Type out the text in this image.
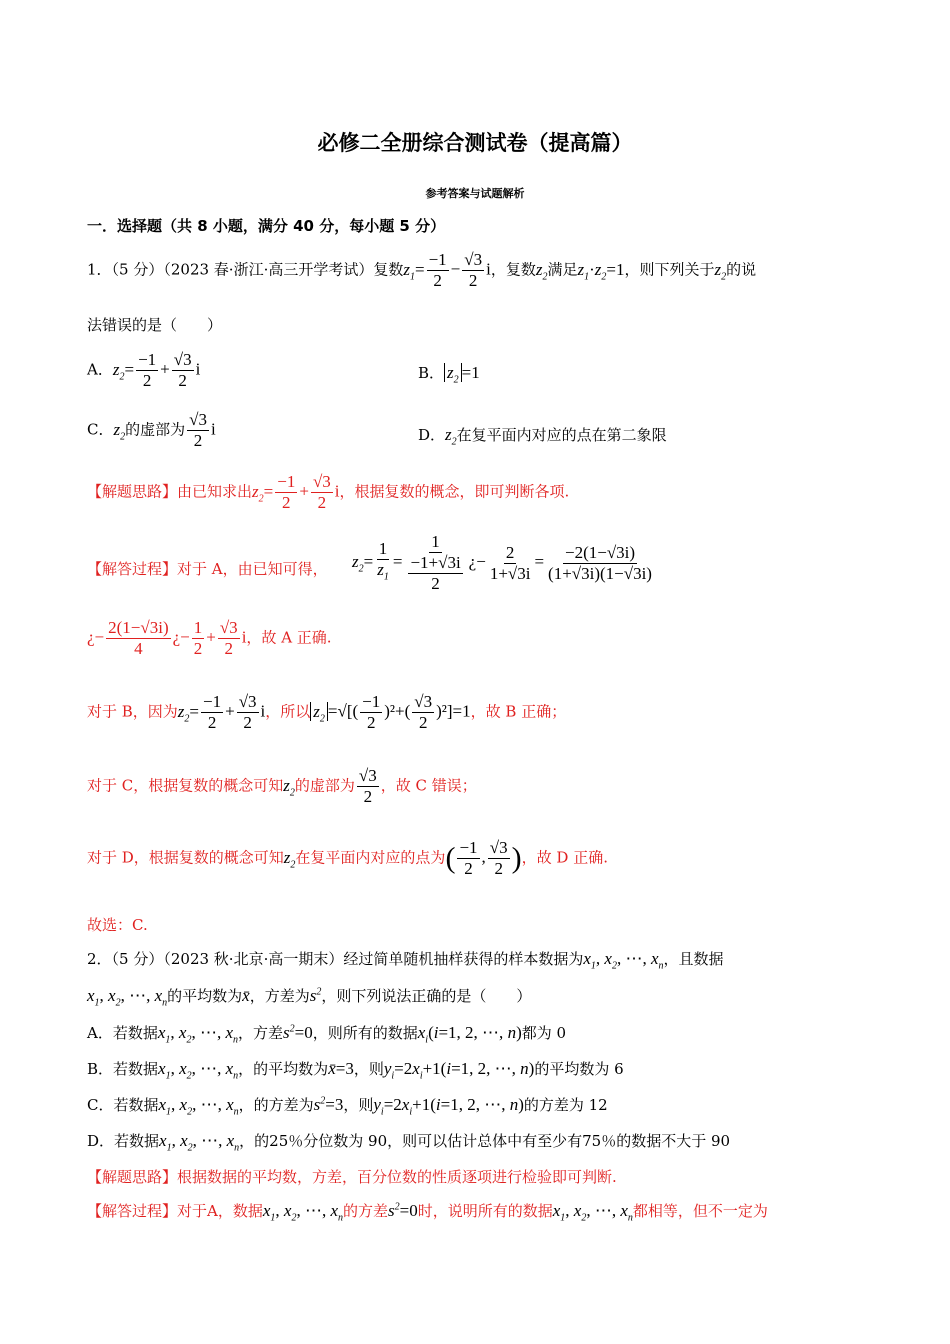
必修二全册综合测试卷（提高篇）
参考答案与试题解析
一．选择题（共 8 小题，满分 40 分，每小题 5 分）
1．（5 分）（2023 春·浙江·高三开学考试）复数$z_1= \frac{-1}{2} - \frac{√3}{2}$ i，复数$z_2$满足$z_1\cdot z_2=1$，则下列关于$z_2$的说
法错误的是（　　）
A．$z_2= \frac{-1}{2} + \frac{√3}{2}$ i	B． $z_2 =1$
C．$z_2$的虚部为 $\frac{√3}{2}$ i	D．$z_2$在复平面内对应的点在第二象限
【解题思路】由已知求出$z_2= \frac{-1}{2} + \frac{√3}{2}$ i，根据复数的概念，即可判断各项.
【解答过程】对于 A，由已知可得， $z_2= \frac{1}{z_1} = \frac{1}{\frac{-1+√3i}{2}}$ ¿− $\frac{2}{1+√3i} = \frac{-2(1-√3i)}{(1+√3i)(1-√3i)}$
¿− $\frac{2(1-√3i)}{4}$ ¿− $\frac{1}{2} + \frac{√3}{2}$ i，故 A 正确.
对于 B，因为$z_2= \frac{-1}{2} + \frac{√3}{2}$ i，所以 $z_2$ =√[( $\frac{-1}{2} )^2+( \frac{√3}{2} )^2]=1$，故 B 正确；
对于 C，根据复数的概念可知$z_2$的虚部为 $\frac{√3}{2}$ ，故 C 错误；
对于 D，根据复数的概念可知$z_2$在复平面内对应的点为( $\frac{-1}{2}$ , $\frac{√3}{2}$ )，故 D 正确.
故选：C.
2．（5 分）（2023 秋·北京·高一期末）经过简单随机抽样获得的样本数据为$x_1$, $x_2$, ⋯, $x_n$，且数据
$x_1$, $x_2$, ⋯, $x_n$的平均数为x̄，方差为$s^2$，则下列说法正确的是（　　）
A．若数据$x_1$, $x_2$, ⋯, $x_n$，方差$s^2=0$，则所有的数据$x_i(i=1$, 2, ⋯, n)都为 0
B．若数据$x_1$, $x_2$, ⋯, $x_n$，的平均数为x̄=3，则$y_i=2x_i+1(i=1$, 2, ⋯, n)的平均数为 6
C．若数据$x_1$, $x_2$, ⋯, $x_n$，的方差为$s^2=3$，则$y_i=2x_i+1(i=1$, 2, ⋯, n)的方差为 12
D．若数据$x_1$, $x_2$, ⋯, $x_n$，的25％分位数为 90，则可以估计总体中有至少有75％的数据不大于 90
【解题思路】根据数据的平均数，方差，百分位数的性质逐项进行检验即可判断.
【解答过程】对于A，数据$x_1$, $x_2$, ⋯, $x_n$的方差$s^2=0$时，说明所有的数据$x_1$, $x_2$, ⋯, $x_n$都相等，但不一定为
